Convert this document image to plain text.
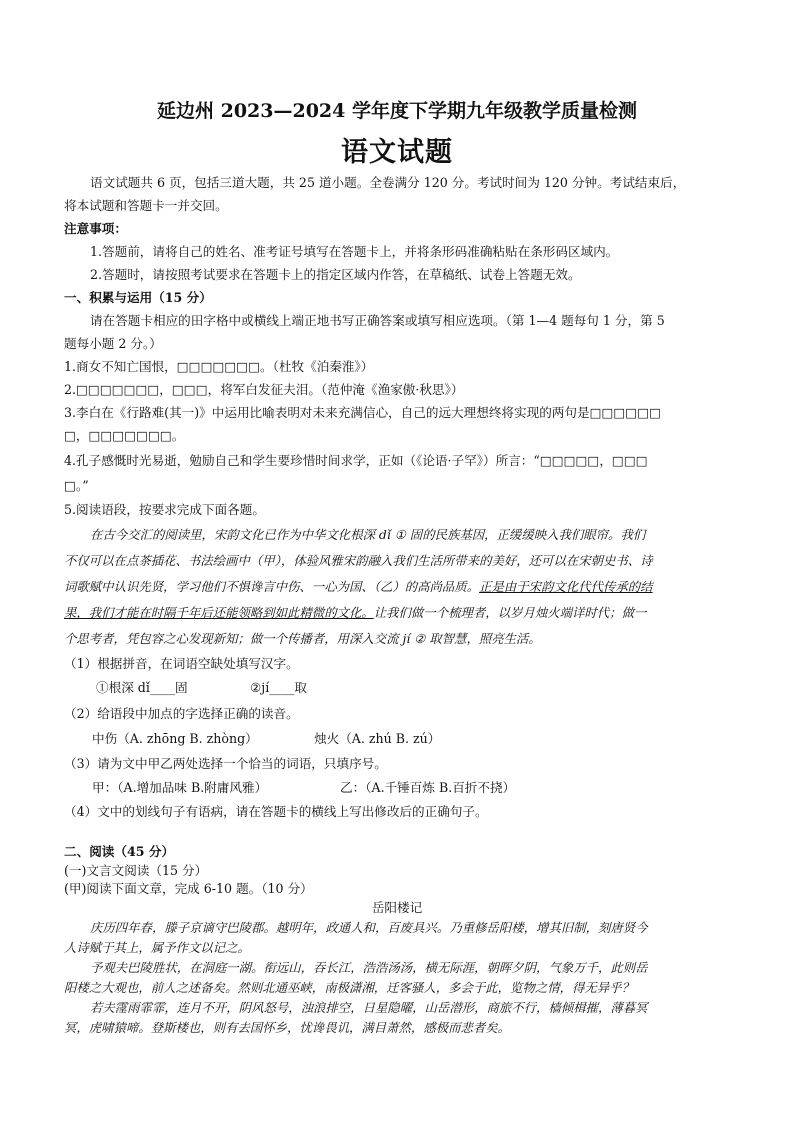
延边州 2023—2024 学年度下学期九年级教学质量检测
语文试题
语文试题共 6 页，包括三道大题，共 25 道小题。全卷满分 120 分。考试时间为 120 分钟。考试结束后，
将本试题和答题卡一并交回。
注意事项：
1.答题前，请将自己的姓名、准考证号填写在答题卡上，并将条形码准确粘贴在条形码区域内。
2.答题时，请按照考试要求在答题卡上的指定区域内作答，在草稿纸、试卷上答题无效。
一、积累与运用（15 分）
请在答题卡相应的田字格中或横线上端正地书写正确答案或填写相应选项。（第 1—4 题每句 1 分，第 5
题每小题 2 分。）
1.商女不知亡国恨，□□□□□□□。（杜牧《泊秦淮》）
2.□□□□□□□，□□□，将军白发征夫泪。（范仲淹《渔家傲·秋思》）
3.李白在《行路难(其一)》中运用比喻表明对未来充满信心，自己的远大理想终将实现的两句是□□□□□□
□，□□□□□□□。
4.孔子感慨时光易逝，勉励自己和学生要珍惜时间求学，正如（《论语·子罕》）所言：“□□□□□，□□□
□。”
5.阅读语段，按要求完成下面各题。
在古今交汇的阅读里，宋韵文化已作为中华文化根深 dǐ ① 固的民族基因，正缓缓映入我们眼帘。我们
不仅可以在点茶插花、书法绘画中（甲），体验风雅宋韵融入我们生活所带来的美好，还可以在宋朝史书、诗
词歌赋中认识先贤，学习他们不惧谗言中伤、一心为国、（乙）的高尚品质。正是由于宋韵文化代代传承的结
果，我们才能在时隔千年后还能领略到如此精微的文化。让我们做一个梳理者，以岁月烛火端详时代；做一
个思考者，凭包容之心发现新知；做一个传播者，用深入交流 jí ② 取智慧，照亮生活。
（1）根据拼音，在词语空缺处填写汉字。
①根深 dǐ____固	②jí____取
（2）给语段中加点的字选择正确的读音。
中伤（A. zhōng B. zhòng）	烛火（A. zhú B. zú）
（3）请为文中甲乙两处选择一个恰当的词语，只填序号。
甲：（A.增加品味 B.附庸风雅）	乙：（A.千锤百炼 B.百折不挠）
（4）文中的划线句子有语病，请在答题卡的横线上写出修改后的正确句子。
二、阅读（45 分）
(一)文言文阅读（15 分）
(甲)阅读下面文章，完成 6-10 题。（10 分）
岳阳楼记
庆历四年春，滕子京谪守巴陵郡。越明年，政通人和，百废具兴。乃重修岳阳楼，增其旧制，刻唐贤今
人诗赋于其上，属予作文以记之。
予观夫巴陵胜状，在洞庭一湖。衔远山，吞长江，浩浩汤汤，横无际涯，朝晖夕阴，气象万千，此则岳
阳楼之大观也，前人之述备矣。然则北通巫峡，南极潇湘，迁客骚人，多会于此，览物之情，得无异乎？
若夫霪雨霏霏，连月不开，阴风怒号，浊浪排空，日星隐曜，山岳潜形，商旅不行，樯倾楫摧，薄暮冥
冥，虎啸猿啼。登斯楼也，则有去国怀乡，忧谗畏讥，满目萧然，感极而悲者矣。
